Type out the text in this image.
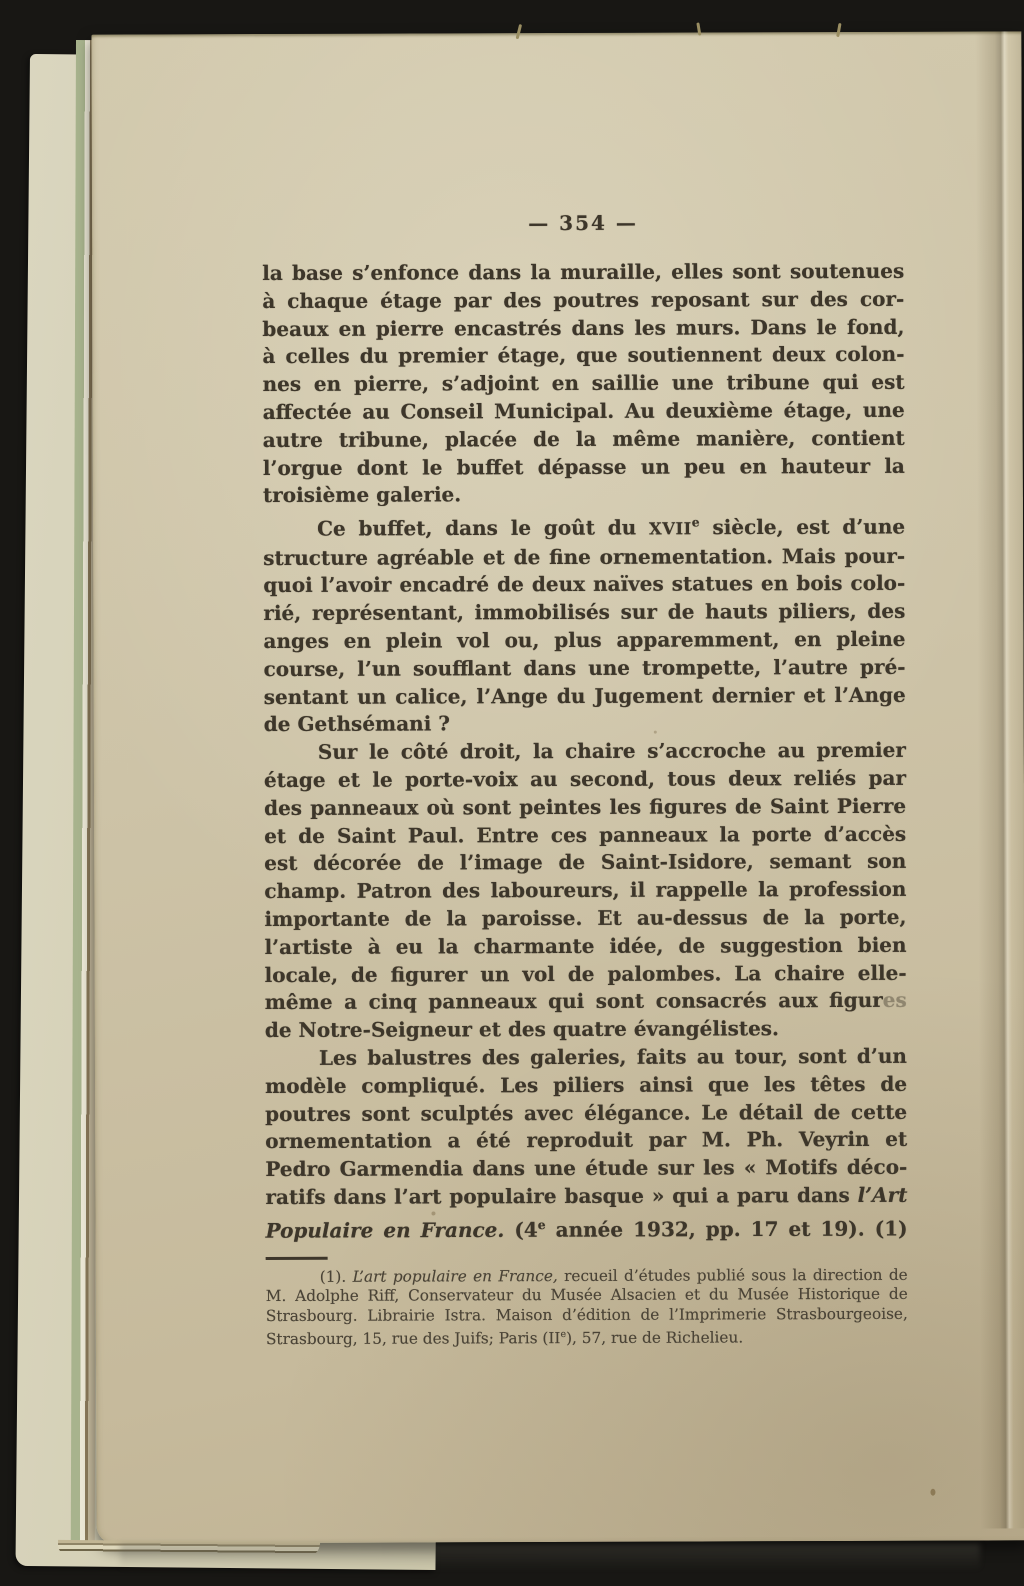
— 354 —
la base s’enfonce dans la muraille, elles sont soutenues
à chaque étage par des poutres reposant sur des cor-
beaux en pierre encastrés dans les murs. Dans le fond,
à celles du premier étage, que soutiennent deux colon-
nes en pierre, s’adjoint en saillie une tribune qui est
affectée au Conseil Municipal. Au deuxième étage, une
autre tribune, placée de la même manière, contient
l’orgue dont le buffet dépasse un peu en hauteur la
troisième galerie.
Ce buffet, dans le goût du XVIIe siècle, est d’une
structure agréable et de fine ornementation. Mais pour-
quoi l’avoir encadré de deux naïves statues en bois colo-
rié, représentant, immobilisés sur de hauts piliers, des
anges en plein vol ou, plus apparemment, en pleine
course, l’un soufflant dans une trompette, l’autre pré-
sentant un calice, l’Ange du Jugement dernier et l’Ange
de Gethsémani ?
Sur le côté droit, la chaire s’accroche au premier
étage et le porte-voix au second, tous deux reliés par
des panneaux où sont peintes les figures de Saint Pierre
et de Saint Paul. Entre ces panneaux la porte d’accès
est décorée de l’image de Saint-Isidore, semant son
champ. Patron des laboureurs, il rappelle la profession
importante de la paroisse. Et au-dessus de la porte,
l’artiste à eu la charmante idée, de suggestion bien
locale, de figurer un vol de palombes. La chaire elle-
même a cinq panneaux qui sont consacrés aux figures
de Notre-Seigneur et des quatre évangélistes.
Les balustres des galeries, faits au tour, sont d’un
modèle compliqué. Les piliers ainsi que les têtes de
poutres sont sculptés avec élégance. Le détail de cette
ornementation a été reproduit par M. Ph. Veyrin et
Pedro Garmendia dans une étude sur les « Motifs déco-
ratifs dans l’art populaire basque » qui a paru dans l’Art
Populaire en France. (4e année 1932, pp. 17 et 19). (1)
(1). L’art populaire en France, recueil d’études publié sous la direction de
M. Adolphe Riff, Conservateur du Musée Alsacien et du Musée Historique de
Strasbourg. Librairie Istra. Maison d’édition de l’Imprimerie Strasbourgeoise,
Strasbourg, 15, rue des Juifs; Paris (IIe), 57, rue de Richelieu.
